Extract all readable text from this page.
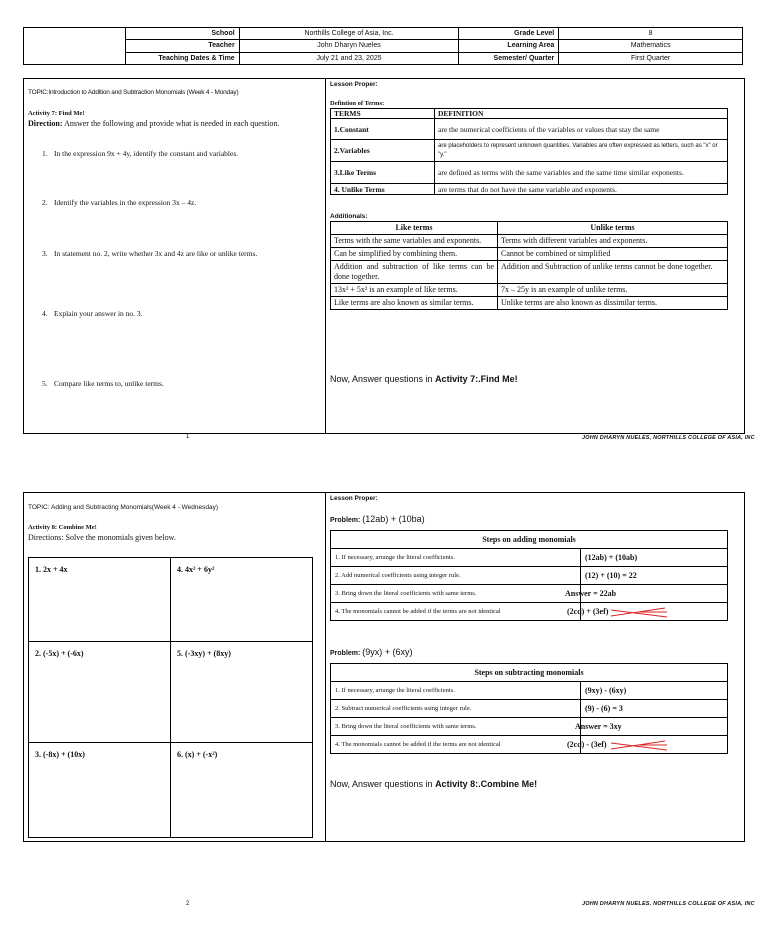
	School	Northills College of Asia, Inc.	Grade Level	8
	Teacher	John Dharyn Nueles	Learning Area	Mathematics
	Teaching Dates & Time	July 21 and 23, 2025	Semester/ Quarter	First Quarter
TOPIC:Introduction to Addition and Subtraction Monomials (Week 4 - Monday)
Activity 7: Find Me!
Direction: Answer the following and provide what is needed in each question.
1. In the expression 9x + 4y, identify the constant and variables.
2. Identify the variables in the expression 3x – 4z.
3. In statement no. 2, write whether 3x and 4z are like or unlike terms.
4. Explain your answer in no. 3.
5. Compare like terms to, unlike terms.
Lesson Proper:
Defintion of Terms:
TERMS	DEFINITION
1.Constant	are the numerical coefficients of the variables or values that stay the same
2.Variables	are placeholders to represent unknown quantities. Variables are often expressed as letters, such as "x" or "y."
3.Like Terms	are defined as terms with the same variables and the same time similar exponents.
4. Unlike Terms	are terms that do not have the same variable and exponents.
Additionals:
Like terms	Unlike terms
Terms with the same variables and exponents.	Terms with different variables and exponents.
Can be simplified by combining them.	Cannot be combined or simplified
Addition and subtraction of like terms can be done together.	Addition and Subtraction of unlike terms cannot be done together.
13x² + 5x² is an example of like terms.	7x – 25y is an example of unlike terms.
Like terms are also known as similar terms.	Unlike terms are also known as dissimilar terms.
Now, Answer questions in Activity 7:.Find Me!
1	JOHN DHARYN NUELES, NORTHILLS COLLEGE OF ASIA, INC
TOPIC: Adding and Subtracting Monomials(Week 4 - Wednesday)
Activity 8: Combine Me!
Directions: Solve the monomials given below.
1. 2x + 4x	4. 4x² + 6y²
2. (-5x) + (-6x)	5. (-3xy) + (8xy)
3. (-8x) + (10x)	6. (x) + (-x²)
Lesson Proper:
Problem: (12ab) + (10ba)
Steps on adding monomials	
1. If necessary, arrange the literal coefficients.	(12ab) + (10ab)
2. Add numerical coefficients using integer rule.	(12) + (10) = 22
3. Bring down the literal coefficients with same terms.	Answer = 22ab
4. The monomials cannot be added if the terms are not identical	(2cd) + (3ef)
Problem: (9yx) + (6xy)
Steps on subtracting monomials	
1. If necessary, arrange the literal coefficients.	(9xy) - (6xy)
2. Subtract numerical coefficients using integer rule.	(9) - (6) = 3
3. Bring down the literal coefficients with same terms.	Answer = 3xy
4. The monomials cannot be added if the terms are not identical	(2cd) - (3ef)
Now, Answer questions in Activity 8:.Combine Me!
2	JOHN DHARYN NUELES, NORTHILLS COLLEGE OF ASIA, INC
